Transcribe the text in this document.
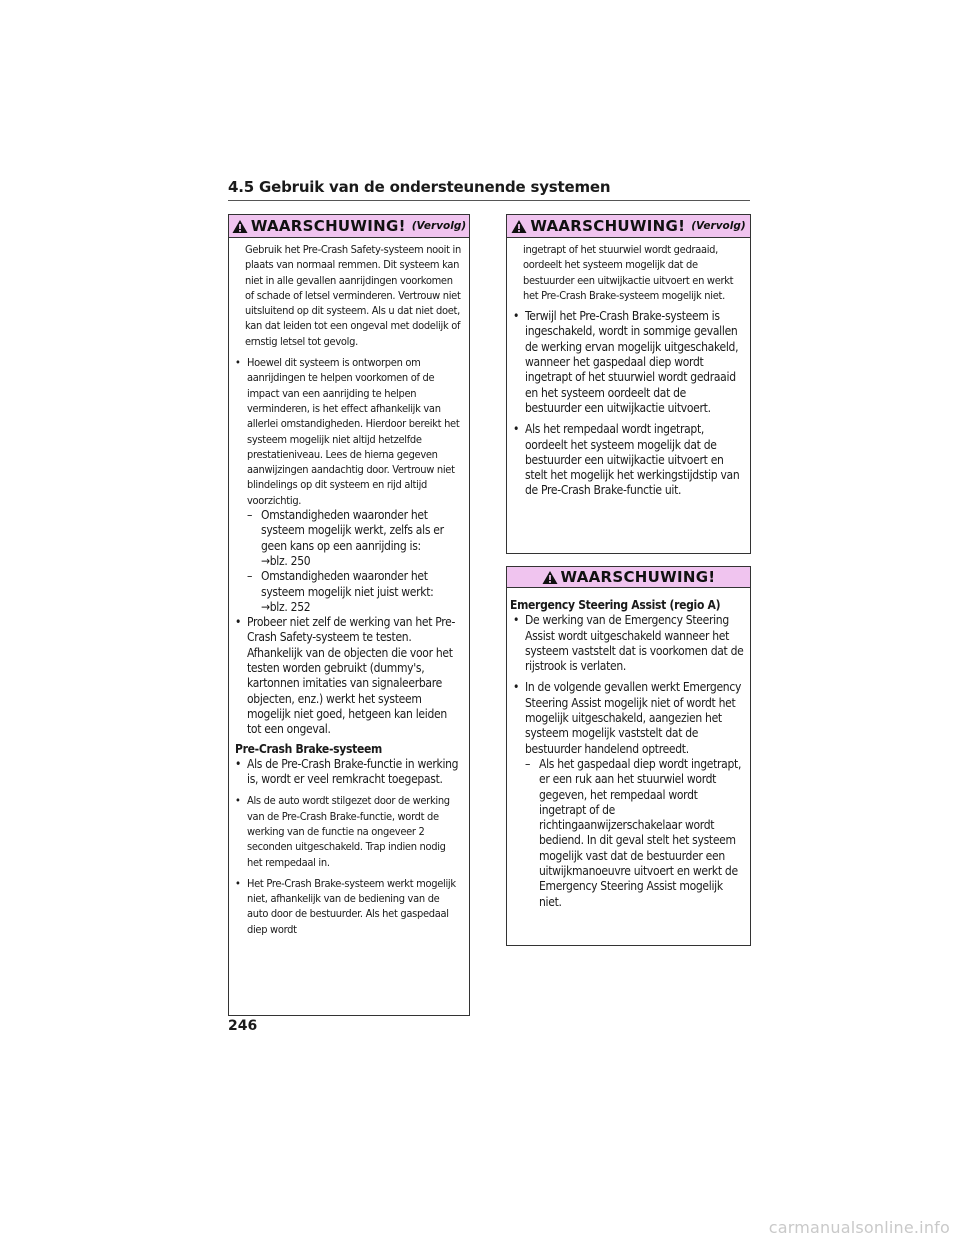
4.5 Gebruik van de ondersteunende systemen
WAARSCHUWING! (Vervolg)
Gebruik het Pre-Crash Safety-systeem nooit in plaats van normaal remmen. Dit systeem kan niet in alle gevallen aanrijdingen voorkomen of schade of letsel verminderen. Vertrouw niet uitsluitend op dit systeem. Als u dat niet doet, kan dat leiden tot een ongeval met dodelijk of ernstig letsel tot gevolg.
• Hoewel dit systeem is ontworpen om aanrijdingen te helpen voorkomen of de impact van een aanrijding te helpen verminderen, is het effect afhankelijk van allerlei omstandigheden. Hierdoor bereikt het systeem mogelijk niet altijd hetzelfde prestatieniveau. Lees de hierna gegeven aanwijzingen aandachtig door. Vertrouw niet blindelings op dit systeem en rijd altijd voorzichtig.
– Omstandigheden waaronder het systeem mogelijk werkt, zelfs als er geen kans op een aanrijding is:
→blz. 250
– Omstandigheden waaronder het systeem mogelijk niet juist werkt:
→blz. 252
• Probeer niet zelf de werking van het Pre-Crash Safety-systeem te testen. Afhankelijk van de objecten die voor het testen worden gebruikt (dummy's, kartonnen imitaties van signaleerbare objecten, enz.) werkt het systeem mogelijk niet goed, hetgeen kan leiden tot een ongeval.
Pre-Crash Brake-systeem
• Als de Pre-Crash Brake-functie in werking is, wordt er veel remkracht toegepast.
• Als de auto wordt stilgezet door de werking van de Pre-Crash Brake-functie, wordt de werking van de functie na ongeveer 2 seconden uitgeschakeld. Trap indien nodig het rempedaal in.
• Het Pre-Crash Brake-systeem werkt mogelijk niet, afhankelijk van de bediening van de auto door de bestuurder. Als het gaspedaal diep wordt
WAARSCHUWING! (Vervolg)
ingetrapt of het stuurwiel wordt gedraaid, oordeelt het systeem mogelijk dat de bestuurder een uitwijkactie uitvoert en werkt het Pre-Crash Brake-systeem mogelijk niet.
• Terwijl het Pre-Crash Brake-systeem is ingeschakeld, wordt in sommige gevallen de werking ervan mogelijk uitgeschakeld, wanneer het gaspedaal diep wordt ingetrapt of het stuurwiel wordt gedraaid en het systeem oordeelt dat de bestuurder een uitwijkactie uitvoert.
• Als het rempedaal wordt ingetrapt, oordeelt het systeem mogelijk dat de bestuurder een uitwijkactie uitvoert en stelt het mogelijk het werkingstijdstip van de Pre-Crash Brake-functie uit.
WAARSCHUWING!
Emergency Steering Assist (regio A)
• De werking van de Emergency Steering Assist wordt uitgeschakeld wanneer het systeem vaststelt dat is voorkomen dat de rijstrook is verlaten.
• In de volgende gevallen werkt Emergency Steering Assist mogelijk niet of wordt het mogelijk uitgeschakeld, aangezien het systeem mogelijk vaststelt dat de bestuurder handelend optreedt.
– Als het gaspedaal diep wordt ingetrapt, er een ruk aan het stuurwiel wordt gegeven, het rempedaal wordt ingetrapt of de richtingaanwijzerschakelaar wordt bediend. In dit geval stelt het systeem mogelijk vast dat de bestuurder een uitwijkmanoeuvre uitvoert en werkt de Emergency Steering Assist mogelijk niet.
246
carmanualsonline.info
